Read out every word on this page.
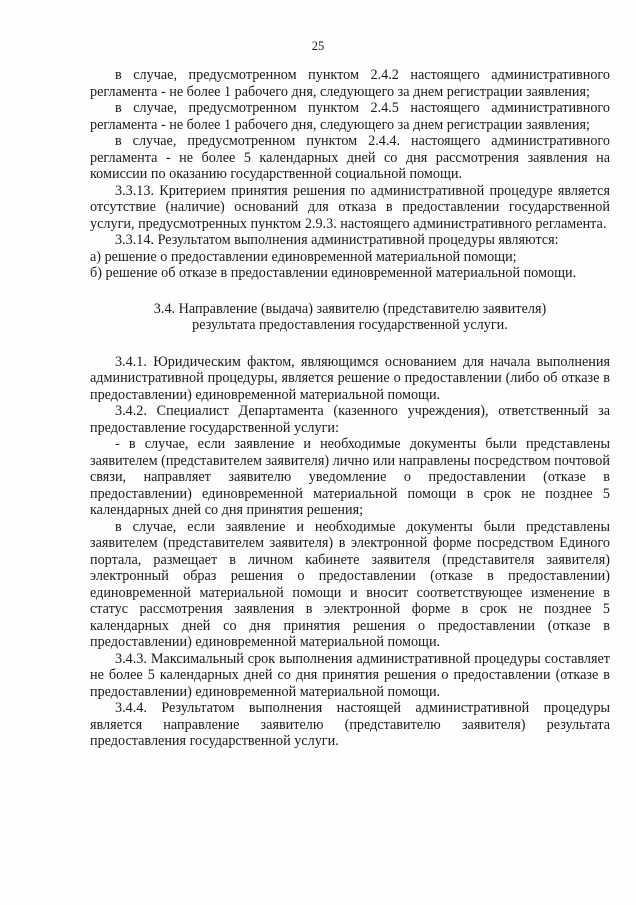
25

в случае, предусмотренном пунктом 2.4.2 настоящего административного регламента - не более 1 рабочего дня, следующего за днем регистрации заявления;

в случае, предусмотренном пунктом 2.4.5 настоящего административного регламента - не более 1 рабочего дня, следующего за днем регистрации заявления;

в случае, предусмотренном пунктом 2.4.4. настоящего административного регламента - не более 5 календарных дней со дня рассмотрения заявления на комиссии по оказанию государственной социальной помощи.

3.3.13. Критерием принятия решения по административной процедуре является отсутствие (наличие) оснований для отказа в предоставлении государственной услуги, предусмотренных пунктом 2.9.3. настоящего административного регламента.

3.3.14. Результатом выполнения административной процедуры являются:

а) решение о предоставлении единовременной материальной помощи;

б) решение об отказе в предоставлении единовременной материальной помощи.

3.4. Направление (выдача) заявителю (представителю заявителя)
результата предоставления государственной услуги.

3.4.1. Юридическим фактом, являющимся основанием для начала выполнения административной процедуры, является решение о предоставлении (либо об отказе в предоставлении) единовременной материальной помощи.

3.4.2. Специалист Департамента (казенного учреждения), ответственный за предоставление государственной услуги:

- в случае, если заявление и необходимые документы были представлены заявителем (представителем заявителя) лично или направлены посредством почтовой связи, направляет заявителю уведомление о предоставлении (отказе в предоставлении) единовременной материальной помощи в срок не позднее 5 календарных дней со дня принятия решения;

в случае, если заявление и необходимые документы были представлены заявителем (представителем заявителя) в электронной форме посредством Единого портала, размещает в личном кабинете заявителя (представителя заявителя) электронный образ решения о предоставлении (отказе в предоставлении) единовременной материальной помощи и вносит соответствующее изменение в статус рассмотрения заявления в электронной форме в срок не позднее 5 календарных дней со дня принятия решения о предоставлении (отказе в предоставлении) единовременной материальной помощи.

3.4.3. Максимальный срок выполнения административной процедуры составляет не более 5 календарных дней со дня принятия решения о предоставлении (отказе в предоставлении) единовременной материальной помощи.

3.4.4. Результатом выполнения настоящей административной процедуры является направление заявителю (представителю заявителя) результата предоставления государственной услуги.
